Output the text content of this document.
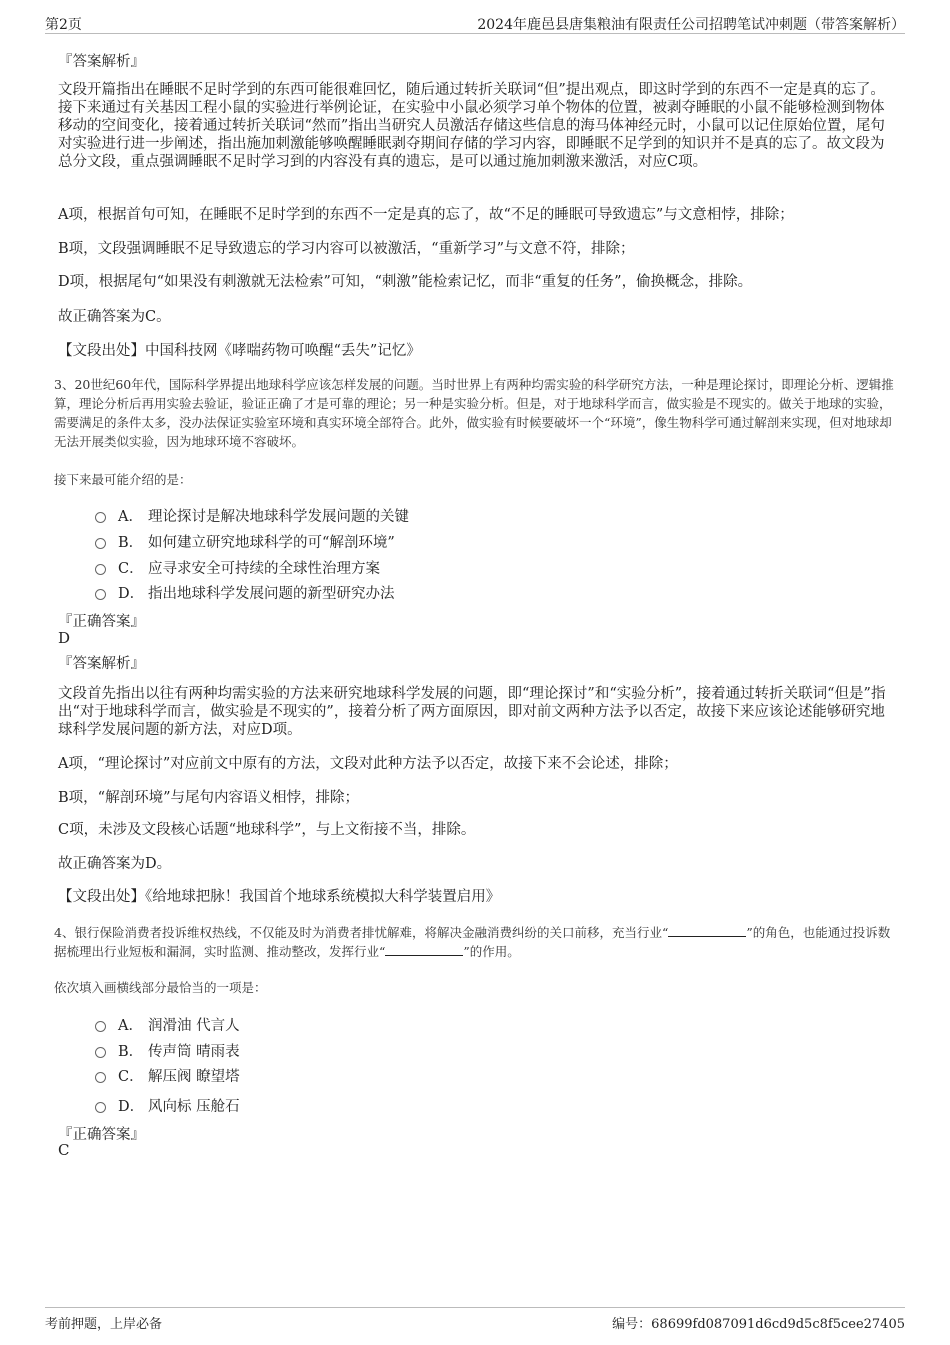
第2页	2024年鹿邑县唐集粮油有限责任公司招聘笔试冲刺题（带答案解析）
『答案解析』
文段开篇指出在睡眠不足时学到的东西可能很难回忆，随后通过转折关联词“但”提出观点，即这时学到的东西不一定是真的忘了。接下来通过有关基因工程小鼠的实验进行举例论证，在实验中小鼠必须学习单个物体的位置，被剥夺睡眠的小鼠不能够检测到物体移动的空间变化，接着通过转折关联词“然而”指出当研究人员激活存储这些信息的海马体神经元时，小鼠可以记住原始位置，尾句对实验进行进一步阐述，指出施加刺激能够唤醒睡眠剥夺期间存储的学习内容，即睡眠不足学到的知识并不是真的忘了。故文段为总分文段，重点强调睡眠不足时学习到的内容没有真的遗忘，是可以通过施加刺激来激活，对应C项。
A项，根据首句可知，在睡眠不足时学到的东西不一定是真的忘了，故“不足的睡眠可导致遗忘”与文意相悖，排除；
B项，文段强调睡眠不足导致遗忘的学习内容可以被激活，“重新学习”与文意不符，排除；
D项，根据尾句“如果没有刺激就无法检索”可知，“刺激”能检索记忆，而非“重复的任务”，偷换概念，排除。
故正确答案为C。
【文段出处】中国科技网《哮喘药物可唤醒“丢失”记忆》
3、20世纪60年代，国际科学界提出地球科学应该怎样发展的问题。当时世界上有两种均需实验的科学研究方法，一种是理论探讨，即理论分析、逻辑推算，理论分析后再用实验去验证，验证正确了才是可靠的理论；另一种是实验分析。但是，对于地球科学而言，做实验是不现实的。做关于地球的实验，需要满足的条件太多，没办法保证实验室环境和真实环境全部符合。此外，做实验有时候要破坏一个“环境”，像生物科学可通过解剖来实现，但对地球却无法开展类似实验，因为地球环境不容破坏。
接下来最可能介绍的是：
A． 理论探讨是解决地球科学发展问题的关键
B． 如何建立研究地球科学的可“解剖环境”
C． 应寻求安全可持续的全球性治理方案
D． 指出地球科学发展问题的新型研究办法
『正确答案』
D
『答案解析』
文段首先指出以往有两种均需实验的方法来研究地球科学发展的问题，即“理论探讨”和“实验分析”，接着通过转折关联词“但是”指出“对于地球科学而言，做实验是不现实的”，接着分析了两方面原因，即对前文两种方法予以否定，故接下来应该论述能够研究地球科学发展问题的新方法，对应D项。
A项，“理论探讨”对应前文中原有的方法，文段对此种方法予以否定，故接下来不会论述，排除；
B项，“解剖环境”与尾句内容语义相悖，排除；
C项，未涉及文段核心话题“地球科学”，与上文衔接不当，排除。
故正确答案为D。
【文段出处】《给地球把脉！我国首个地球系统模拟大科学装置启用》
4、银行保险消费者投诉维权热线，不仅能及时为消费者排忧解难，将解决金融消费纠纷的关口前移，充当行业“	”的角色，也能通过投诉数据梳理出行业短板和漏洞，实时监测、推动整改，发挥行业“	”的作用。
依次填入画横线部分最恰当的一项是：
A． 润滑油 代言人
B． 传声筒 晴雨表
C． 解压阀 瞭望塔
D． 风向标 压舱石
『正确答案』
C
考前押题，上岸必备	编号：68699fd087091d6cd9d5c8f5cee27405
